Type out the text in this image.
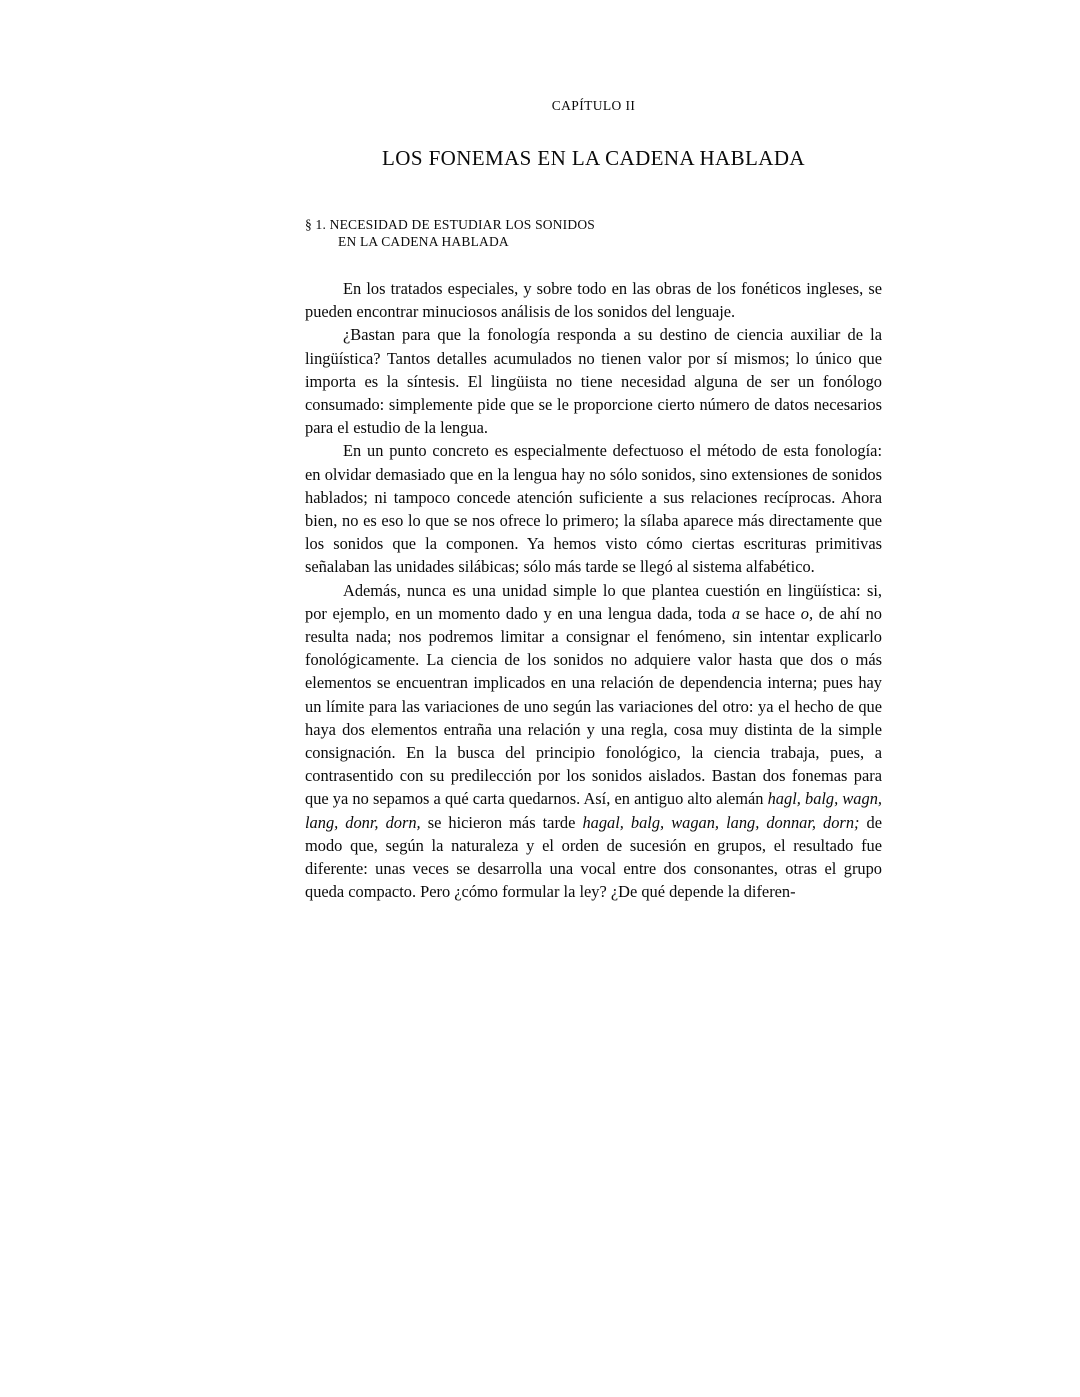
CAPÍTULO II
LOS FONEMAS EN LA CADENA HABLADA
§ 1. NECESIDAD DE ESTUDIAR LOS SONIDOS
EN LA CADENA HABLADA

En los tratados especiales, y sobre todo en las obras de los fonéticos ingleses, se pueden encontrar minuciosos análisis de los sonidos del lenguaje.

¿Bastan para que la fonología responda a su destino de ciencia auxiliar de la lingüística? Tantos detalles acumulados no tienen valor por sí mismos; lo único que importa es la síntesis. El lingüista no tiene necesidad alguna de ser un fonólogo consumado: simplemente pide que se le proporcione cierto número de datos necesarios para el estudio de la lengua.

En un punto concreto es especialmente defectuoso el método de esta fonología: en olvidar demasiado que en la lengua hay no sólo sonidos, sino extensiones de sonidos hablados; ni tampoco concede atención suficiente a sus relaciones recíprocas. Ahora bien, no es eso lo que se nos ofrece lo primero; la sílaba aparece más directamente que los sonidos que la componen. Ya hemos visto cómo ciertas escrituras primitivas señalaban las unidades silábicas; sólo más tarde se llegó al sistema alfabético.

Además, nunca es una unidad simple lo que plantea cuestión en lingüística: si, por ejemplo, en un momento dado y en una lengua dada, toda a se hace o, de ahí no resulta nada; nos podremos limitar a consignar el fenómeno, sin intentar explicarlo fonológicamente. La ciencia de los sonidos no adquiere valor hasta que dos o más elementos se encuentran implicados en una relación de dependencia interna; pues hay un límite para las variaciones de uno según las variaciones del otro: ya el hecho de que haya dos elementos entraña una relación y una regla, cosa muy distinta de la simple consignación. En la busca del principio fonológico, la ciencia trabaja, pues, a contrasentido con su predilección por los sonidos aislados. Bastan dos fonemas para que ya no sepamos a qué carta quedarnos. Así, en antiguo alto alemán hagl, balg, wagn, lang, donr, dorn, se hicieron más tarde hagal, balg, wagan, lang, donnar, dorn; de modo que, según la naturaleza y el orden de sucesión en grupos, el resultado fue diferente: unas veces se desarrolla una vocal entre dos consonantes, otras el grupo queda compacto. Pero ¿cómo formular la ley? ¿De qué depende la diferen-
